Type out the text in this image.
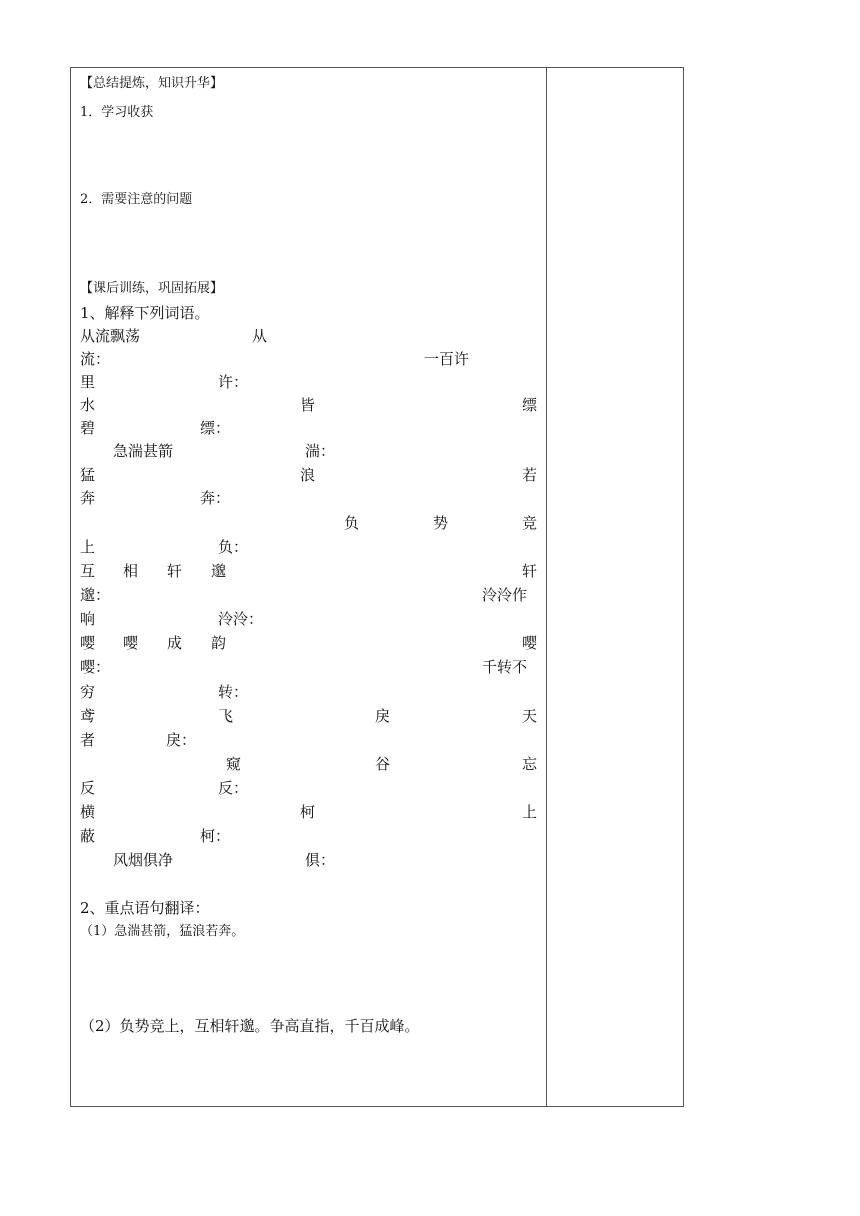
【总结提炼，知识升华】
1．学习收获
2．需要注意的问题
【课后训练，巩固拓展】
1、解释下列词语。
从流飘荡	从
流：	一百许
里	许：
水	皆	缥
碧	缥：
急湍甚箭	湍：
猛	浪	若
奔	奔：
负	势	竞
上	负：
互 相 轩 邈	轩
邈：	泠泠作
响	泠泠：
嘤 嘤 成 韵	嘤
嘤：	千转不
穷	转：
鸢	飞	戾	天
者	戾：
窥	谷	忘
反	反：
横	柯	上
蔽	柯：
风烟俱净	俱：
2、重点语句翻译：
（1）急湍甚箭，猛浪若奔。
（2）负势竞上，互相轩邈。争高直指，千百成峰。
